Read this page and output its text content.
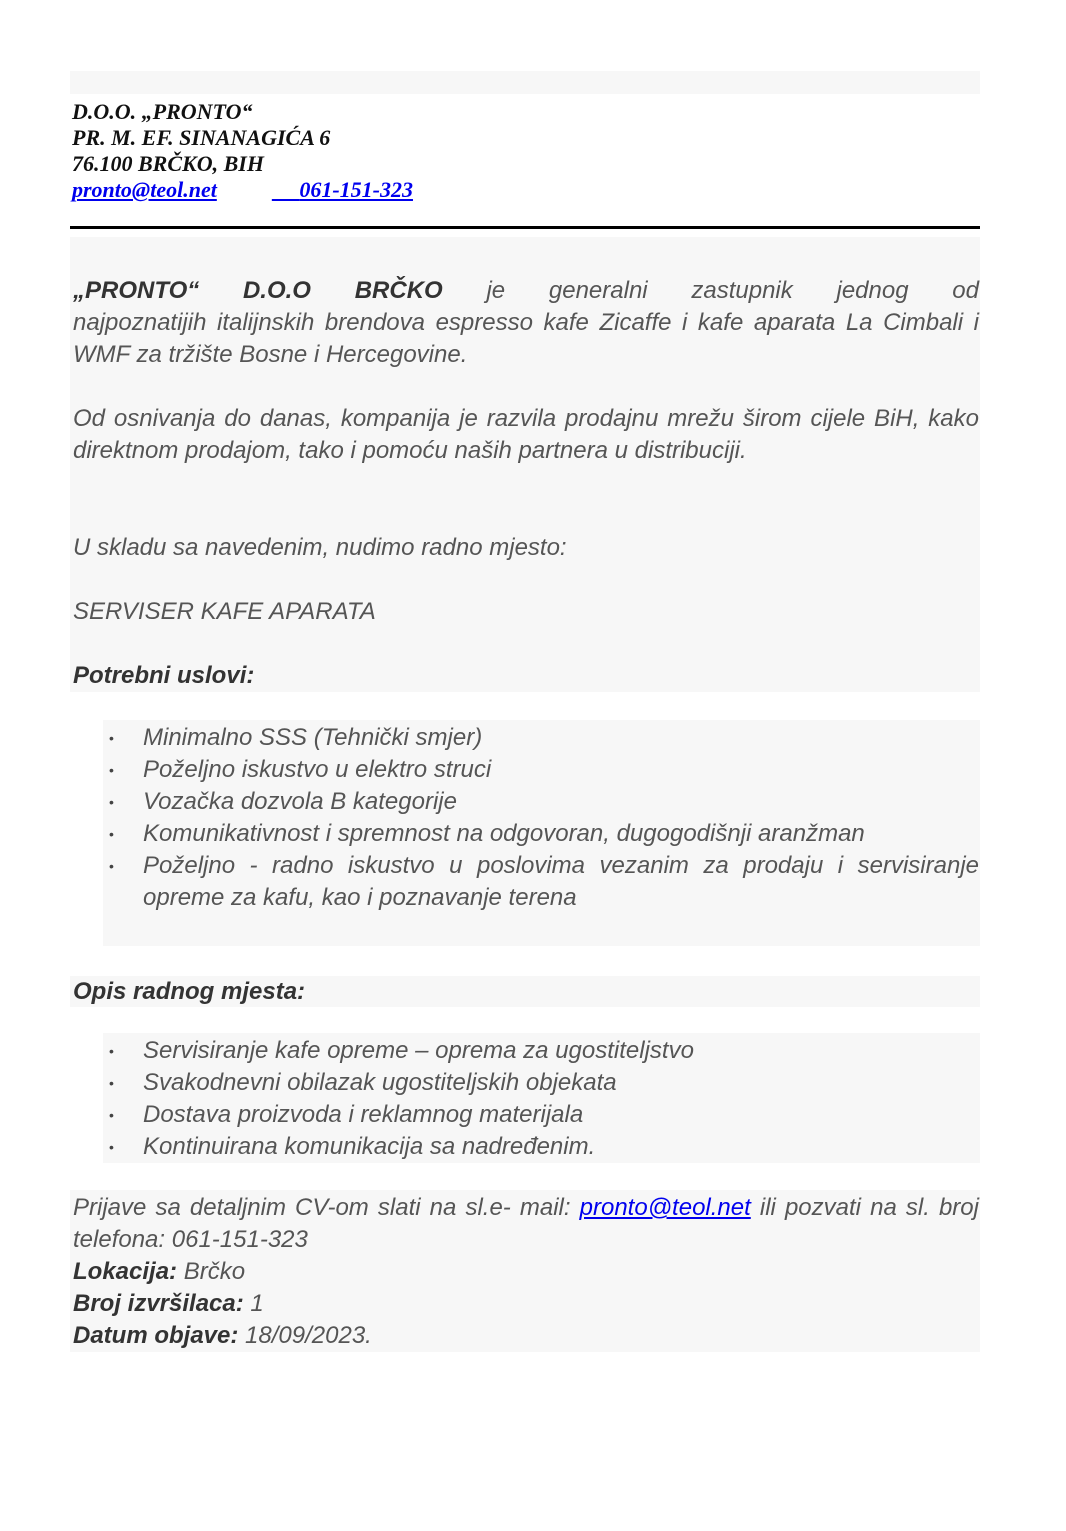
D.O.O. „PRONTO“
PR. M. EF. SINANAGIĆA 6
76.100 BRČKO, BIH
pronto@teol.net	061-151-323
„PRONTO“ D.O.O BRČKO je generalni zastupnik jednog od
najpoznatijih italijnskih brendova espresso kafe Zicaffe i kafe aparata La Cimbali i WMF za tržište Bosne i Hercegovine.
Od osnivanja do danas, kompanija je razvila prodajnu mrežu širom cijele BiH, kako direktnom prodajom, tako i pomoću naših partnera u distribuciji.
U skladu sa navedenim, nudimo radno mjesto:
SERVISER KAFE APARATA
Potrebni uslovi:
• Minimalno SSS (Tehnički smjer)
• Poželjno iskustvo u elektro struci
• Vozačka dozvola B kategorije
• Komunikativnost i spremnost na odgovoran, dugogodišnji aranžman
• Poželjno - radno iskustvo u poslovima vezanim za prodaju i servisiranje opreme za kafu, kao i poznavanje terena
Opis radnog mjesta:
• Servisiranje kafe opreme – oprema za ugostiteljstvo
• Svakodnevni obilazak ugostiteljskih objekata
• Dostava proizvoda i reklamnog materijala
• Kontinuirana komunikacija sa nadređenim.
Prijave sa detaljnim CV-om slati na sl.e- mail: pronto@teol.net ili pozvati na sl. broj telefona: 061-151-323
Lokacija: Brčko
Broj izvršilaca: 1
Datum objave: 18/09/2023.
